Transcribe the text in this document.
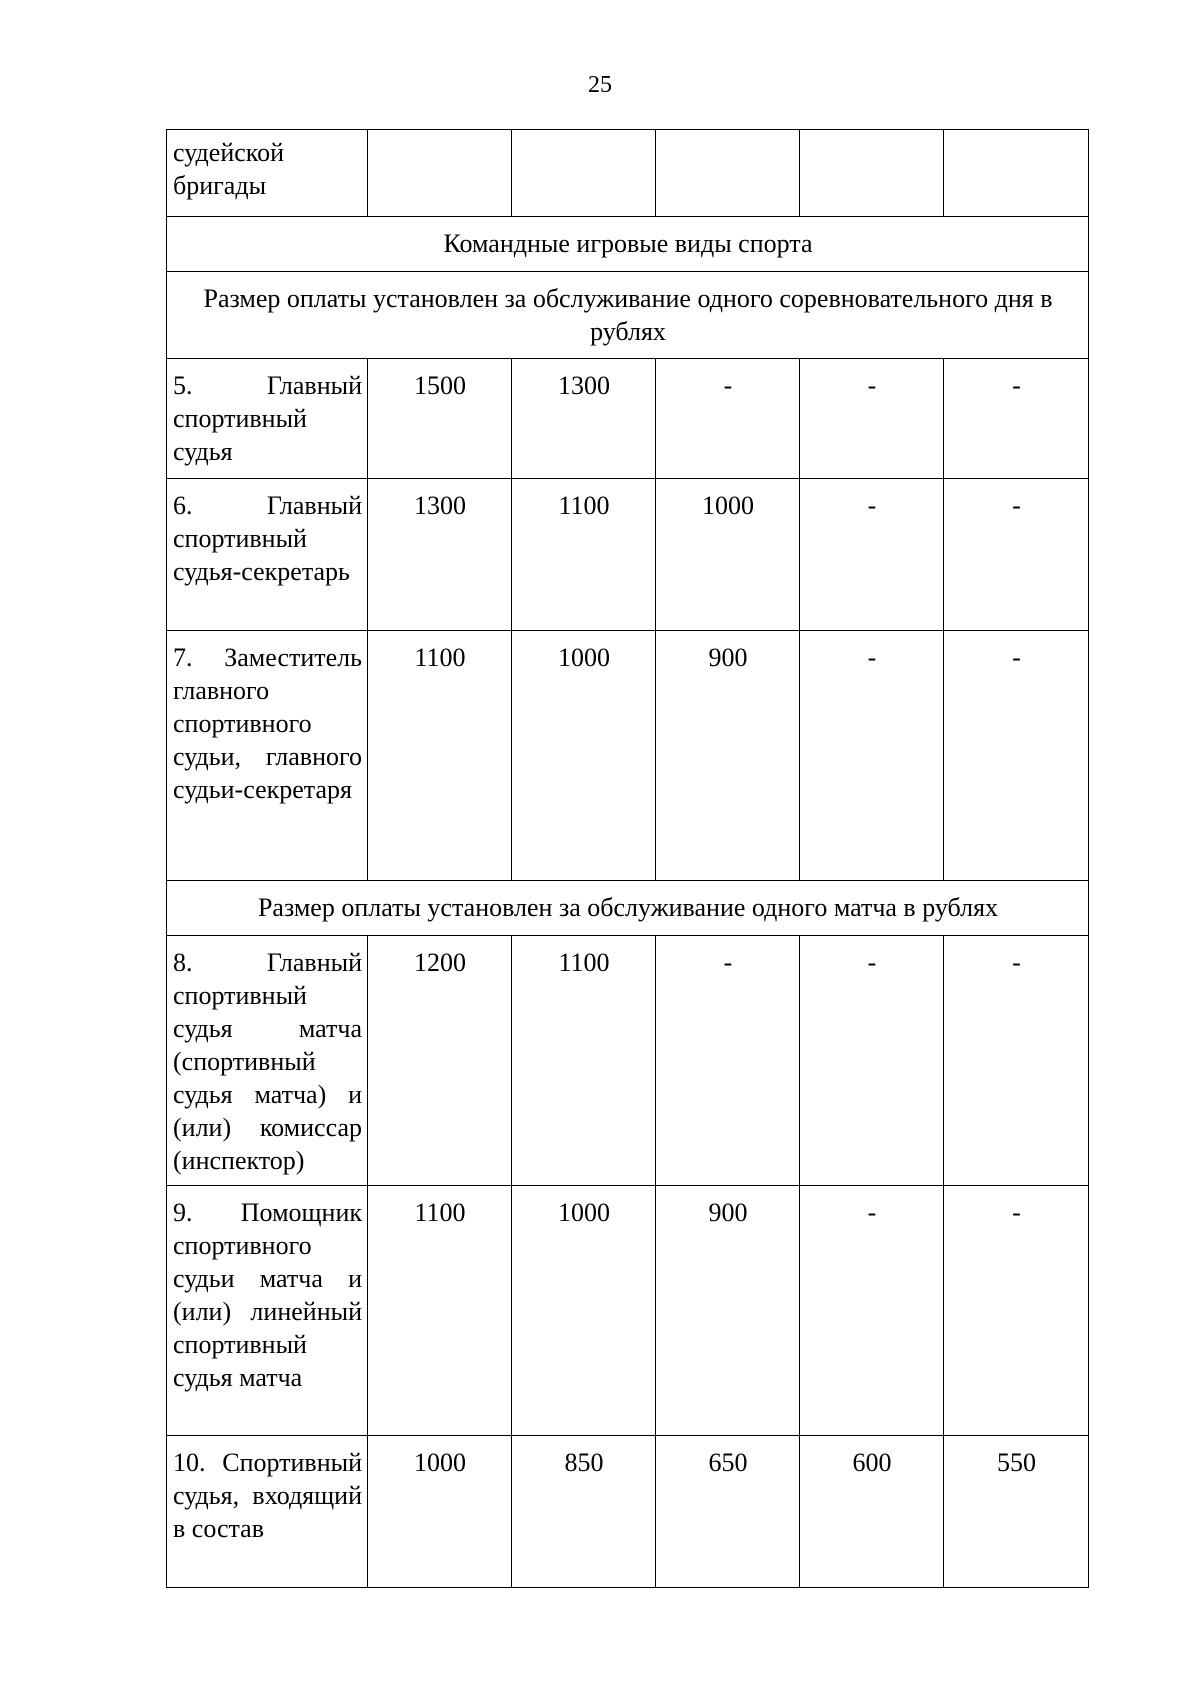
25
судейской бригады					

Командные игровые виды спорта					
Размер оплаты установлен за обслуживание одного соревновательного дня в рублях					

5. Главный спортивный судья	1500	1300	-	-	-

6. Главный спортивный судья-секретарь	1300	1100	1000	-	-

7. Заместитель главного спортивного судьи, главного судьи-секретаря	1100	1000	900	-	-
Размер оплаты установлен за обслуживание одного матча в рублях					

8. Главный спортивный судья матча (спортивный судья матча) и (или) комиссар (инспектор)	1200	1100	-	-	-

9. Помощник спортивного судьи матча и (или) линейный спортивный судья матча	1100	1000	900	-	-

10. Спортивный судья, входящий в состав	1000	850	650	600	550
